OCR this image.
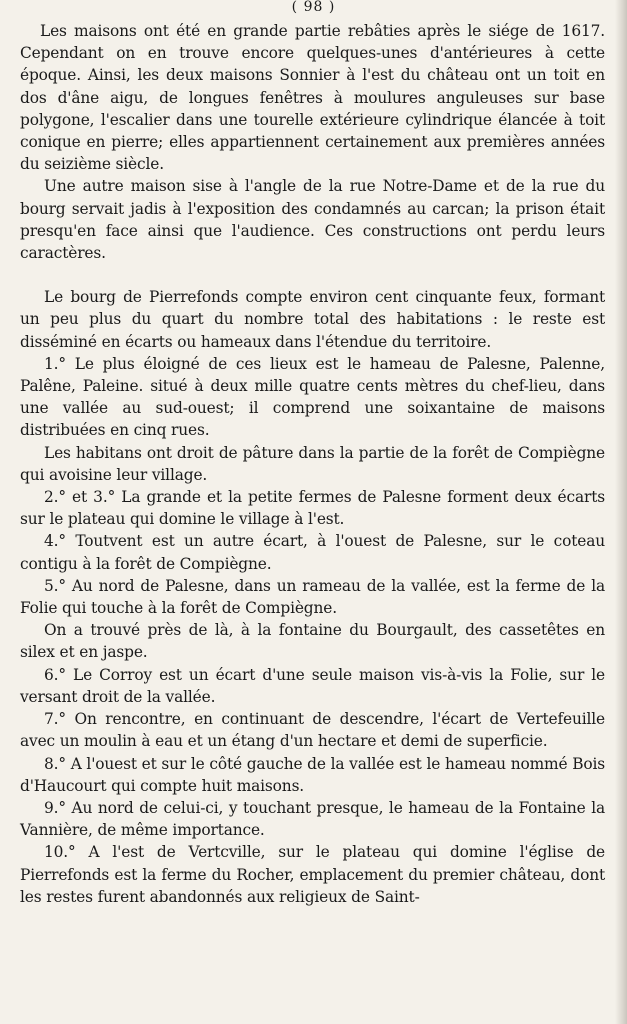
( 98 )

Les maisons ont été en grande partie rebâties après le siége de 1617. Cependant on en trouve encore quelques-unes d'antérieures à cette époque. Ainsi, les deux maisons Sonnier à l'est du château ont un toit en dos d'âne aigu, de longues fenêtres à moulures anguleuses sur base polygone, l'escalier dans une tourelle extérieure cylindrique élancée à toit conique en pierre; elles appartiennent certainement aux premières années du seizième siècle.

Une autre maison sise à l'angle de la rue Notre-Dame et de la rue du bourg servait jadis à l'exposition des condamnés au carcan; la prison était presqu'en face ainsi que l'audience. Ces constructions ont perdu leurs caractères.

Le bourg de Pierrefonds compte environ cent cinquante feux, formant un peu plus du quart du nombre total des habitations : le reste est disséminé en écarts ou hameaux dans l'étendue du territoire.

1.° Le plus éloigné de ces lieux est le hameau de Palesne, Palenne, Palêne, Paleine. situé à deux mille quatre cents mètres du chef-lieu, dans une vallée au sud-ouest; il comprend une soixantaine de maisons distribuées en cinq rues.

Les habitans ont droit de pâture dans la partie de la forêt de Compiègne qui avoisine leur village.

2.° et 3.° La grande et la petite fermes de Palesne forment deux écarts sur le plateau qui domine le village à l'est.

4.° Toutvent est un autre écart, à l'ouest de Palesne, sur le coteau contigu à la forêt de Compiègne.

5.° Au nord de Palesne, dans un rameau de la vallée, est la ferme de la Folie qui touche à la forêt de Compiègne.

On a trouvé près de là, à la fontaine du Bourgault, des cassetêtes en silex et en jaspe.

6.° Le Corroy est un écart d'une seule maison vis-à-vis la Folie, sur le versant droit de la vallée.

7.° On rencontre, en continuant de descendre, l'écart de Vertefeuille avec un moulin à eau et un étang d'un hectare et demi de superficie.

8.° A l'ouest et sur le côté gauche de la vallée est le hameau nommé Bois d'Haucourt qui compte huit maisons.

9.° Au nord de celui-ci, y touchant presque, le hameau de la Fontaine la Vannière, de même importance.

10.° A l'est de Vertcville, sur le plateau qui domine l'église de Pierrefonds est la ferme du Rocher, emplacement du premier château, dont les restes furent abandonnés aux religieux de Saint-
